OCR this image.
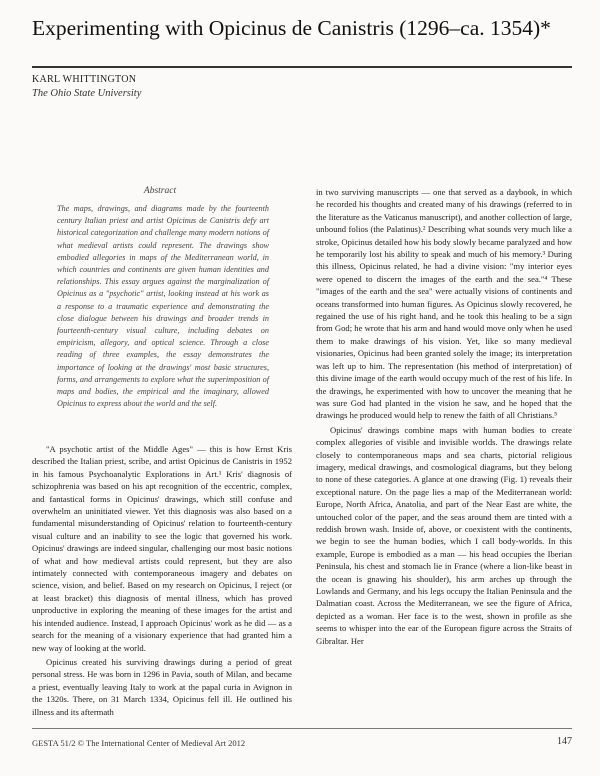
Experimenting with Opicinus de Canistris (1296–ca. 1354)*
KARL WHITTINGTON
The Ohio State University
Abstract

The maps, drawings, and diagrams made by the fourteenth century Italian priest and artist Opicinus de Canistris defy art historical categorization and challenge many modern notions of what medieval artists could represent. The drawings show embodied allegories in maps of the Mediterranean world, in which countries and continents are given human identities and relationships. This essay argues against the marginalization of Opicinus as a "psychotic" artist, looking instead at his work as a response to a traumatic experience and demonstrating the close dialogue between his drawings and broader trends in fourteenth-century visual culture, including debates on empiricism, allegory, and optical science. Through a close reading of three examples, the essay demonstrates the importance of looking at the drawings' most basic structures, forms, and arrangements to explore what the superimposition of maps and bodies, the empirical and the imaginary, allowed Opicinus to express about the world and the self.

"A psychotic artist of the Middle Ages" — this is how Ernst Kris described the Italian priest, scribe, and artist Opicinus de Canistris in 1952 in his famous Psychoanalytic Explorations in Art.¹ Kris' diagnosis of schizophrenia was based on his apt recognition of the eccentric, complex, and fantastical forms in Opicinus' drawings, which still confuse and overwhelm an uninitiated viewer. Yet this diagnosis was also based on a fundamental misunderstanding of Opicinus' relation to fourteenth-century visual culture and an inability to see the logic that governed his work. Opicinus' drawings are indeed singular, challenging our most basic notions of what and how medieval artists could represent, but they are also intimately connected with contemporaneous imagery and debates on science, vision, and belief. Based on my research on Opicinus, I reject (or at least bracket) this diagnosis of mental illness, which has proved unproductive in exploring the meaning of these images for the artist and his intended audience. Instead, I approach Opicinus' work as he did — as a search for the meaning of a visionary experience that had granted him a new way of looking at the world.

Opicinus created his surviving drawings during a period of great personal stress. He was born in 1296 in Pavia, south of Milan, and became a priest, eventually leaving Italy to work at the papal curia in Avignon in the 1320s. There, on 31 March 1334, Opicinus fell ill. He outlined his illness and its aftermath

in two surviving manuscripts — one that served as a daybook, in which he recorded his thoughts and created many of his drawings (referred to in the literature as the Vaticanus manuscript), and another collection of large, unbound folios (the Palatinus).² Describing what sounds very much like a stroke, Opicinus detailed how his body slowly became paralyzed and how he temporarily lost his ability to speak and much of his memory.³ During this illness, Opicinus related, he had a divine vision: "my interior eyes were opened to discern the images of the earth and the sea."⁴ These "images of the earth and the sea" were actually visions of continents and oceans transformed into human figures. As Opicinus slowly recovered, he regained the use of his right hand, and he took this healing to be a sign from God; he wrote that his arm and hand would move only when he used them to make drawings of his vision. Yet, like so many medieval visionaries, Opicinus had been granted solely the image; its interpretation was left up to him. The representation (his method of interpretation) of this divine image of the earth would occupy much of the rest of his life. In the drawings, he experimented with how to uncover the meaning that he was sure God had planted in the vision he saw, and he hoped that the drawings he produced would help to renew the faith of all Christians.⁵

Opicinus' drawings combine maps with human bodies to create complex allegories of visible and invisible worlds. The drawings relate closely to contemporaneous maps and sea charts, pictorial religious imagery, medical drawings, and cosmological diagrams, but they belong to none of these categories. A glance at one drawing (Fig. 1) reveals their exceptional nature. On the page lies a map of the Mediterranean world: Europe, North Africa, Anatolia, and part of the Near East are white, the untouched color of the paper, and the seas around them are tinted with a reddish brown wash. Inside of, above, or coexistent with the continents, we begin to see the human bodies, which I call body-worlds. In this example, Europe is embodied as a man — his head occupies the Iberian Peninsula, his chest and stomach lie in France (where a lion-like beast in the ocean is gnawing his shoulder), his arm arches up through the Lowlands and Germany, and his legs occupy the Italian Peninsula and the Dalmatian coast. Across the Mediterranean, we see the figure of Africa, depicted as a woman. Her face is to the west, shown in profile as she seems to whisper into the ear of the European figure across the Straits of Gibraltar. Her

GESTA 51/2 © The International Center of Medieval Art 2012	147
